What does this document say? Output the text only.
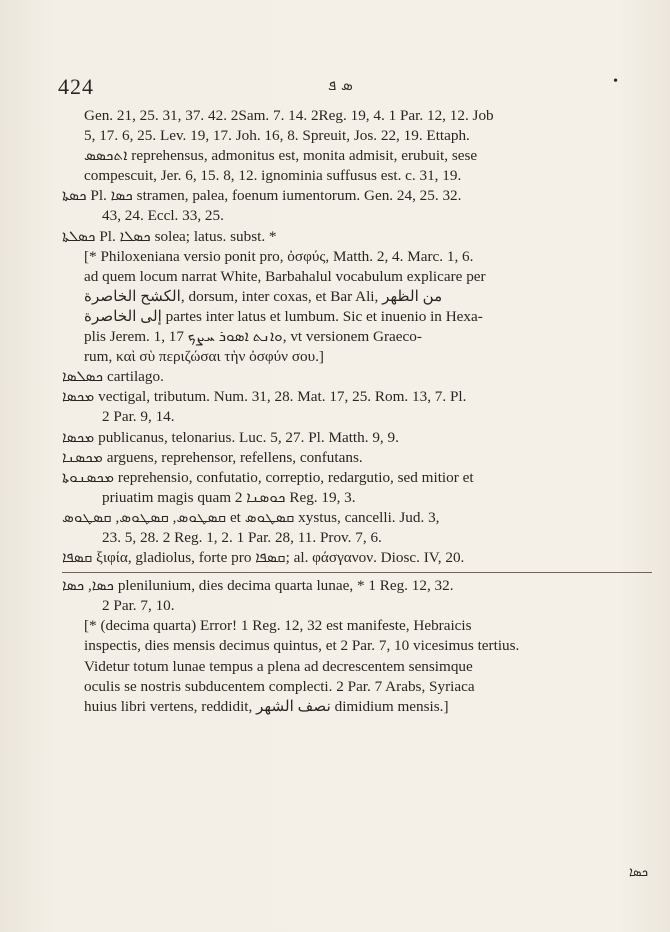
424	ܣ ܦ	•
Gen. 21, 25. 31, 37. 42. 2Sam. 7. 14. 2Reg. 19, 4. 1 Par. 12, 12. Job
5, 17. 6, 25. Lev. 19, 17. Joh. 16, 8. Spreuit, Jos. 22, 19. Ettaph.
ܐܬܟܣܣ reprehensus, admonitus est, monita admisit, erubuit, sese
compescuit, Jer. 6, 15. 8, 12. ignominia suffusus est. c. 31, 19.
ܟܣܬܐ Pl. ܟܣܐ stramen, palea, foenum iumentorum. Gen. 24, 25. 32.
43, 24. Eccl. 33, 25.
ܟܣܠܬܐ Pl. ܟܣܠܐ solea; latus. subst. *
[* Philoxeniana versio ponit pro, ὀσφύς, Matth. 2, 4. Marc. 1, 6.
ad quem locum narrat White, Barbahalul vocabulum explicare per
الكشح الخاصرة, dorsum, inter coxas, et Bar Ali, من الظهر
إلى الخاصرة partes inter latus et lumbum. Sic et inuenio in Hexa-
plis Jerem. 1, 17 ܘܐܢܬ ܐܣܘܪ ܚܨܟ, vt versionem Graeco-
rum, καὶ σὺ περιζώσαι τὴν ὀσφύν σου.]
ܟܣܠܣܐ cartilago.
ܡܟܣܐ vectigal, tributum. Num. 31, 28. Mat. 17, 25. Rom. 13, 7. Pl.
2 Par. 9, 14.
ܡܟܣܐ publicanus, telonarius. Luc. 5, 27. Pl. Matth. 9, 9.
ܡܟܣܢܐ arguens, reprehensor, refellens, confutans.
ܡܟܣܢܘܬܐ reprehensio, confutatio, correptio, redargutio, sed mitior et
priuatim magis quam ܟܘܣܢܐ 2 Reg. 19, 3.
ܩܣܛܘܣ, ܩܣܛܘܣ, ܩܣܛܘܣ et ܩܣܛܘܣ xystus, cancelli. Jud. 3,
23. 5, 28. 2 Reg. 1, 2. 1 Par. 28, 11. Prov. 7, 6.
ܩܣܦܐ ξιφία, gladiolus, forte pro ܩܣܦܐ; al. φάσγανον. Diosc. IV, 20.
ܟܣܐ, ܟܣܐ plenilunium, dies decima quarta lunae, * 1 Reg. 12, 32.
2 Par. 7, 10.
[* (decima quarta) Error! 1 Reg. 12, 32 est manifeste, Hebraicis
inspectis, dies mensis decimus quintus, et 2 Par. 7, 10 vicesimus tertius.
Videtur totum lunae tempus a plena ad decrescentem sensimque
oculis se nostris subducentem complecti. 2 Par. 7 Arabs, Syriaca
huius libri vertens, reddidit, نصف الشهر dimidium mensis.]
ܟܣܐ
